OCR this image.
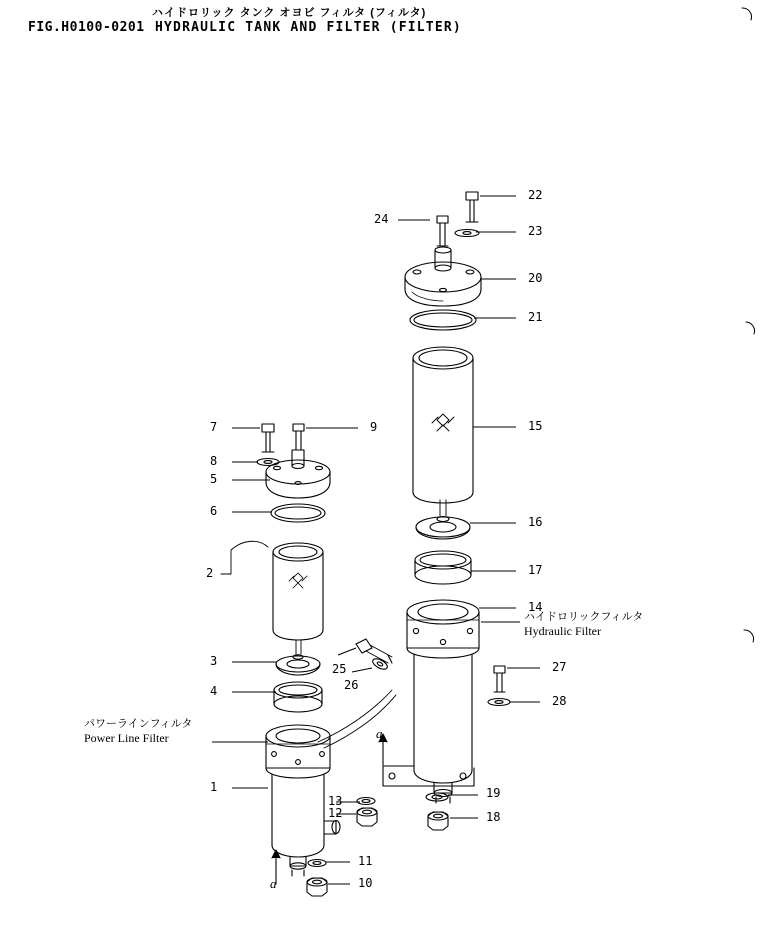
ハイドロリック タンク オヨビ フィルタ (フィルタ)
FIG.H0100-0201 HYDRAULIC TANK AND FILTER (FILTER)
22
24
23
20
21
7	9
8
5
6
15
2
16
17
14
3
25
26
27
4
28
1
13
12
19
18
11
10
ハイドロリックフィルタ
Hydraulic Filter
パワーラインフィルタ
Power Line Filter	a
a
